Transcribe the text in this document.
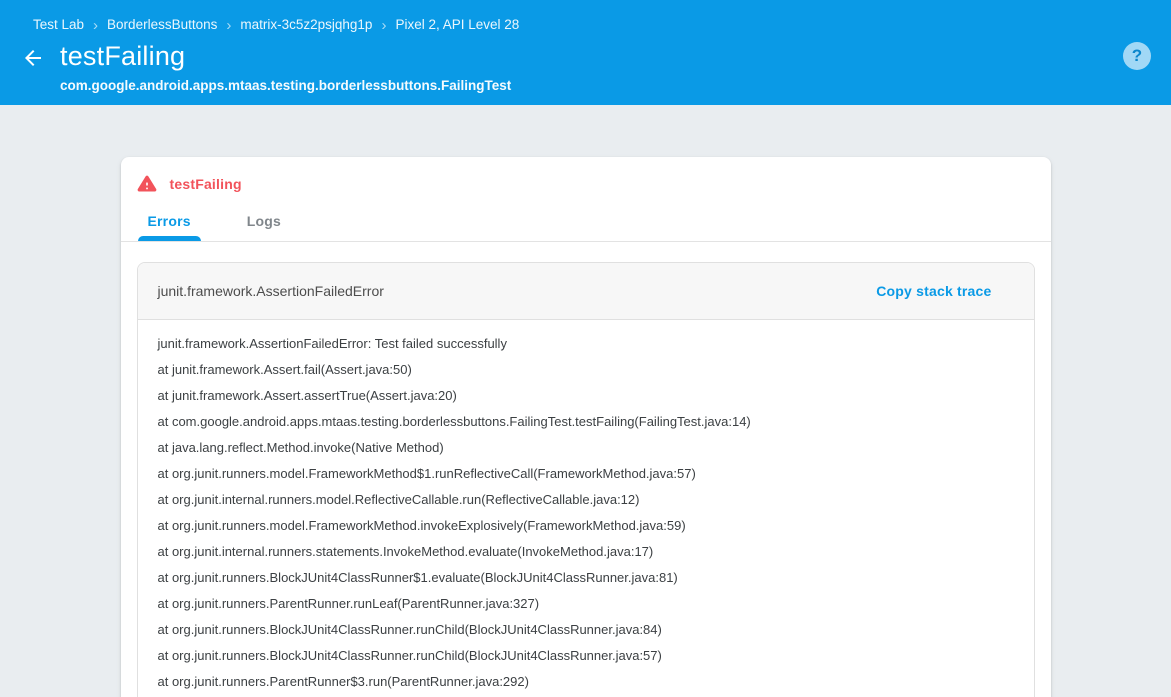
Test Lab › BorderlessButtons › matrix-3c5z2psjqhg1p › Pixel 2, API Level 28
testFailing
com.google.android.apps.mtaas.testing.borderlessbuttons.FailingTest
?
testFailing
Errors	Logs
junit.framework.AssertionFailedError	Copy stack trace
junit.framework.AssertionFailedError: Test failed successfully
at junit.framework.Assert.fail(Assert.java:50)
at junit.framework.Assert.assertTrue(Assert.java:20)
at com.google.android.apps.mtaas.testing.borderlessbuttons.FailingTest.testFailing(FailingTest.java:14)
at java.lang.reflect.Method.invoke(Native Method)
at org.junit.runners.model.FrameworkMethod$1.runReflectiveCall(FrameworkMethod.java:57)
at org.junit.internal.runners.model.ReflectiveCallable.run(ReflectiveCallable.java:12)
at org.junit.runners.model.FrameworkMethod.invokeExplosively(FrameworkMethod.java:59)
at org.junit.internal.runners.statements.InvokeMethod.evaluate(InvokeMethod.java:17)
at org.junit.runners.BlockJUnit4ClassRunner$1.evaluate(BlockJUnit4ClassRunner.java:81)
at org.junit.runners.ParentRunner.runLeaf(ParentRunner.java:327)
at org.junit.runners.BlockJUnit4ClassRunner.runChild(BlockJUnit4ClassRunner.java:84)
at org.junit.runners.BlockJUnit4ClassRunner.runChild(BlockJUnit4ClassRunner.java:57)
at org.junit.runners.ParentRunner$3.run(ParentRunner.java:292)
